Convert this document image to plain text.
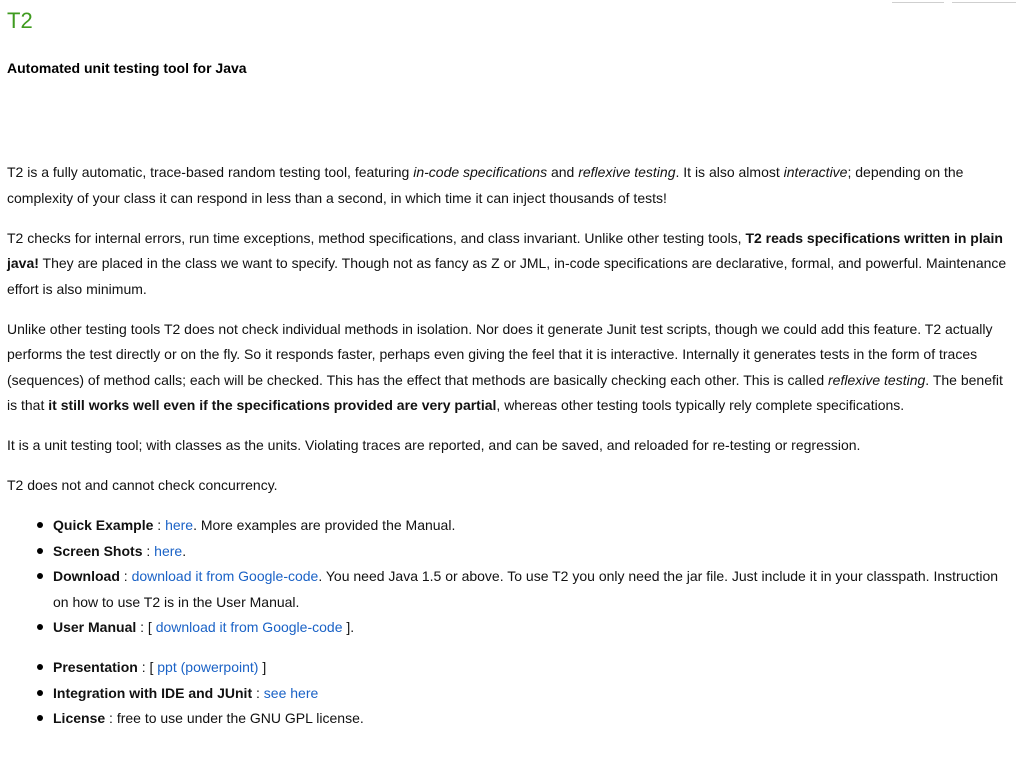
T2
Automated unit testing tool for Java

T2 is a fully automatic, trace-based random testing tool, featuring in-code specifications and reflexive testing. It is also almost interactive; depending on the complexity of your class it can respond in less than a second, in which time it can inject thousands of tests!

T2 checks for internal errors, run time exceptions, method specifications, and class invariant. Unlike other testing tools, T2 reads specifications written in plain java! They are placed in the class we want to specify. Though not as fancy as Z or JML, in-code specifications are declarative, formal, and powerful. Maintenance effort is also minimum.

Unlike other testing tools T2 does not check individual methods in isolation. Nor does it generate Junit test scripts, though we could add this feature. T2 actually performs the test directly or on the fly. So it responds faster, perhaps even giving the feel that it is interactive. Internally it generates tests in the form of traces (sequences) of method calls; each will be checked. This has the effect that methods are basically checking each other. This is called reflexive testing. The benefit is that it still works well even if the specifications provided are very partial, whereas other testing tools typically rely complete specifications.

It is a unit testing tool; with classes as the units. Violating traces are reported, and can be saved, and reloaded for re-testing or regression.

T2 does not and cannot check concurrency.

Quick Example : here. More examples are provided the Manual.
Screen Shots : here.
Download : download it from Google-code. You need Java 1.5 or above. To use T2 you only need the jar file. Just include it in your classpath. Instruction on how to use T2 is in the User Manual.
User Manual : [ download it from Google-code ].
Presentation : [ ppt (powerpoint) ]
Integration with IDE and JUnit : see here
License : free to use under the GNU GPL license.
